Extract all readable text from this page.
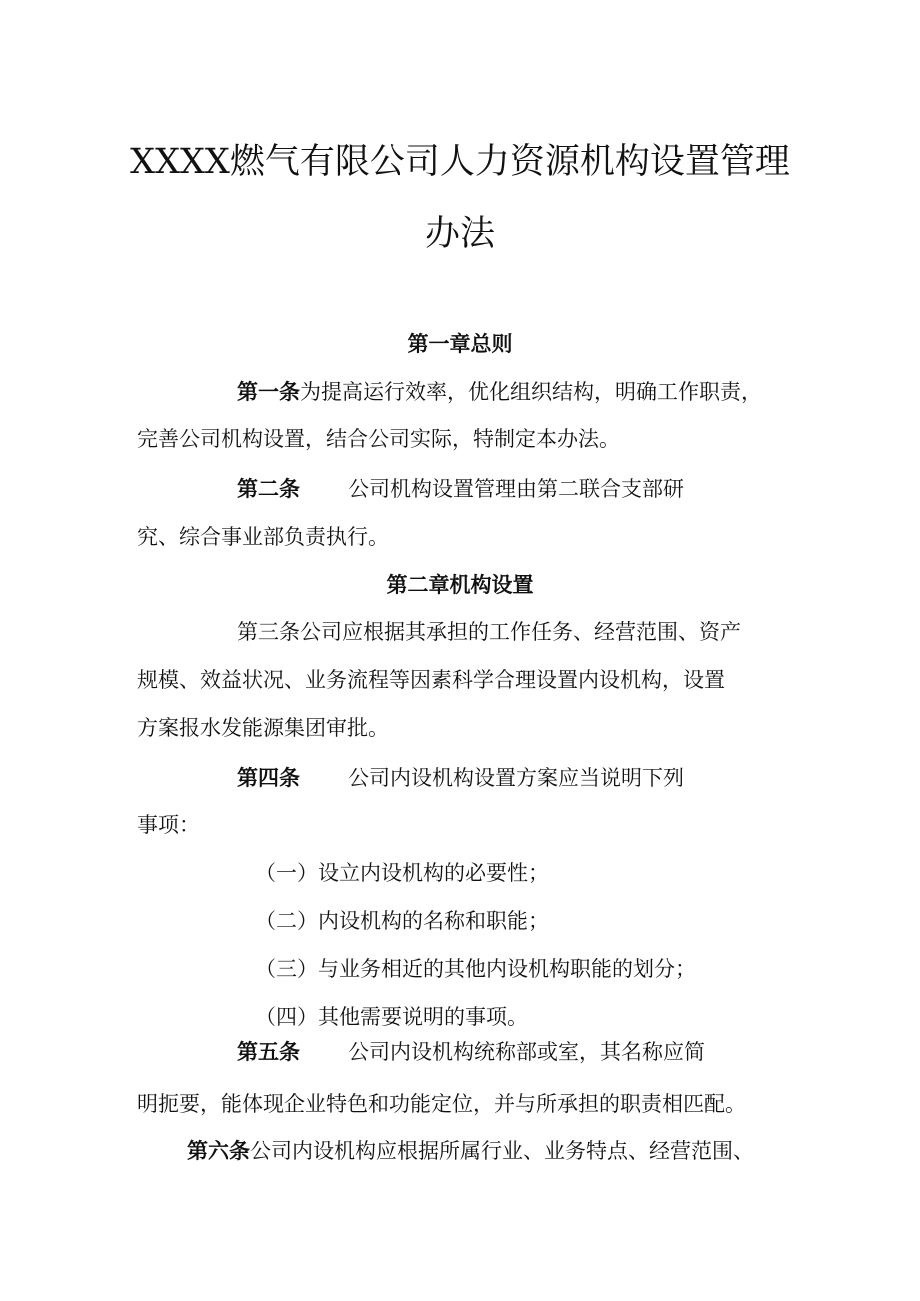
XXXX燃气有限公司人力资源机构设置管理
办法
第一章总则
第一条为提高运行效率，优化组织结构，明确工作职责，
完善公司机构设置，结合公司实际，特制定本办法。
第二条 公司机构设置管理由第二联合支部研
究、综合事业部负责执行。
第二章机构设置
第三条公司应根据其承担的工作任务、经营范围、资产
规模、效益状况、业务流程等因素科学合理设置内设机构，设置
方案报水发能源集团审批。
第四条 公司内设机构设置方案应当说明下列
事项：
（一）设立内设机构的必要性；
（二）内设机构的名称和职能；
（三）与业务相近的其他内设机构职能的划分；
（四）其他需要说明的事项。
第五条 公司内设机构统称部或室，其名称应简
明扼要，能体现企业特色和功能定位，并与所承担的职责相匹配。
第六条公司内设机构应根据所属行业、业务特点、经营范围、
